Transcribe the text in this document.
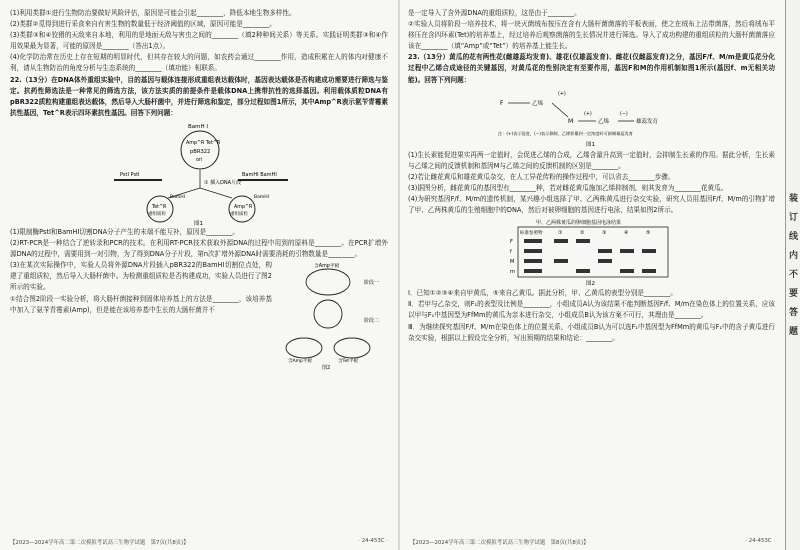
(1)利用类群①进行生物防治要做好风险评估，原因是可能会引起________，降低本地生物多样性。

(2)类群②觅得到进行采食来自有害生物的数量低于经济阈值的区域，原因可能是________。

(3)类群③和④狡猾的天敌来自本地，利用的是地面天敌与害虫之间的________（填2种种间关系）等关系。实践证明类群③和④作用效果最为显著，可能的原因是________（答出1点）。

(4)化学防治常在历史上存在短期的明显时代，但其存在较大的问题，如农药会通过________作用，造成积累在人的体内对健康不利，请从生物防治的角度分析与生态系统的________（填功能）相联系。

22.（13分）在DNA体外重组实验中，目的基因与载体连接形成重组表达载体时，基因表达载体是否构建成功需要进行筛选与鉴定。抗药性筛选法是一种常见的筛选方法，该方法实质的前提条件是载体DNA上携带抗性的选择基因。利用载体质粒DNA有pBR322质粒构建重组表达载体，然后导入大肠杆菌中，并进行筛选和鉴定，部分过程如图1所示，其中Amp^R表示氨苄青霉素抗性基因，Tet^R表示四环素抗性基因。回答下列问题：

BamH Ⅰ
Amp^R Tet^R
pBR322
ori
PstⅠ PstⅠ	BamHⅠ BamHⅠ
① 插入DNA片段
Tet^R
重组质粒
BamHⅠ
Amp^R
重组质粒
BamHⅠ
图1

(1)限制酶PstⅠ和BamHⅠ切割DNA分子产生的末端不能互补，原因是________。

(2)RT-PCR是一种结合了逆转录和PCR的技术。在利用RT-PCR技术获取外源DNA的过程中用到的原料是________。在PCR扩增外源DNA的过程中，需要用到一对引物，为了得到DNA分子片段，第n次扩增外源DNA时需要消耗的引物数量是________。

(3)在某次实际操作中，实验人员将外源DNA片段插入pBR322的BamHⅠ切割位点处，构建了重组质粒，然后导入大肠杆菌中。为检测重组质粒是否构建成功，实验人员进行了图2所示的实验。

①结合图2阶段一实验分析，将大肠杆菌接种到固体培养基上的方法是________，该培养基中加入了氨苄青霉素(Amp)，但是能在该培养基中生长的大肠杆菌并不

含Amp平板
阶段一
阶段二
含Amp平板	含Tet平板
图2
【2023—2024学年高二第二次模拟考试高三生物学试题　第7页(共8页)】	· 24-453C ·

是一定导入了含外源DNA的重组质粒，这是由于________。

②实验人员将阶段一培养技术，将一块灭菌绒布按压在含有大肠杆菌菌落的平板表面，使之在绒布上沾带菌落，然后将绒布平移压在含四环素(Tet)的培养基上，经过培养后观察菌落的生长情况并进行筛选。导入了成功构建的重组质粒的大肠杆菌菌落应该在________（填“Amp”或“Tet”）的培养基上能生长。

23.（13分）黄瓜的花有两性花(雌雄蕊均发育)、雄花(仅雄蕊发育)、雌花(仅雌蕊发育)之分，基因F/f、M/m是黄瓜花分化过程中乙烯合成途径的关键基因，对黄瓜花的性别决定有至要作用，基因F和M的作用机制如图1所示(基因f、m无相关功能)。回答下列问题：

F	乙烯
(+)
M	乙烯
(+)	(−)
雄蕊发育
注：(+)表示促进，(−)表示抑制，乙烯积累到一定浓度时可抑制雄蕊发育
图1

(1)生长素能促进果实再两一定值时，会促进乙烯的合成，乙烯含量升高到一定值时，会抑制生长素的作用。据此分析，生长素与乙烯之间的反馈机制和基因M与乙烯之间的反馈机制的区别是________。

(2)若让雌花黄瓜和雄花黄瓜杂交，在人工异花传粉的操作过程中，可以省去________步骤。

(3)据图分析，雌花黄瓜的基因型有________种，若对雌花黄瓜施加乙烯抑制剂，则其发育为________花黄瓜。

(4)为研究基因F/f、M/m的遗传机制，某兴趣小组选择了甲、乙两株黄瓜进行杂交实验，研究人员用基因F/f、M/m的引物扩增了甲、乙两株黄瓜的生殖细胞中的DNA，然后对被卵细胞的基因进行电泳，结果如图2所示。

甲、乙两株黄瓜的卵细胞基因电泳结果
标准参照物	①	②	③	④	⑤
F
f
M
m
图2

Ⅰ．已知①②③④来自甲黄瓜，⑤来自乙黄瓜。据此分析，甲、乙黄瓜的表型分别是________。

Ⅱ．若甲与乙杂交，则F₁的表型及比例是________，小组成员A认为该结果不能判断基因F/f、M/m在染色体上的位置关系，应该以甲与F₁中基因型为FfMm的黄瓜为亲本进行杂交，小组成员B认为该方案不可行，其理由是________。

Ⅲ．为继续探究基因F/f、M/m在染色体上的位置关系，小组成员B认为可以选F₁中基因型为FfMm的黄瓜与F₁中的含子黄瓜进行杂交实验，根据以上假设完全分析，写出预期的结果和结论：________。

【2023—2024学年高三第二次模拟考试高三生物学试题　第8页(共8页)】	· 24-453C ·
装订线内不要答题
